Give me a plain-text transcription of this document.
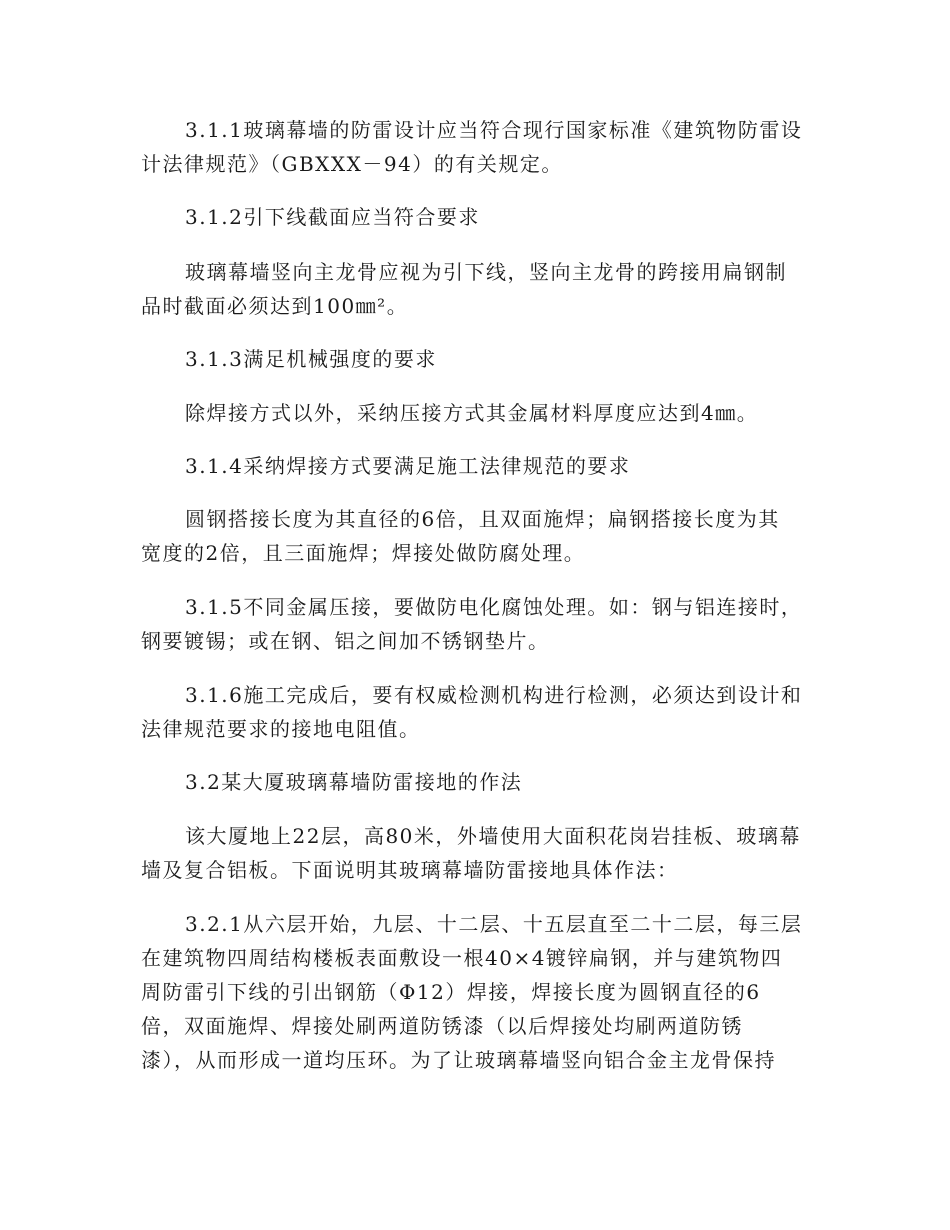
3.1.1玻璃幕墙的防雷设计应当符合现行国家标准《建筑物防雷设
计法律规范》（GBXXX－94）的有关规定。
3.1.2引下线截面应当符合要求
玻璃幕墙竖向主龙骨应视为引下线，竖向主龙骨的跨接用扁钢制
品时截面必须达到100㎜²。
3.1.3满足机械强度的要求
除焊接方式以外，采纳压接方式其金属材料厚度应达到4㎜。
3.1.4采纳焊接方式要满足施工法律规范的要求
圆钢搭接长度为其直径的6倍，且双面施焊；扁钢搭接长度为其
宽度的2倍，且三面施焊；焊接处做防腐处理。
3.1.5不同金属压接，要做防电化腐蚀处理。如：钢与铝连接时，
钢要镀锡；或在钢、铝之间加不锈钢垫片。
3.1.6施工完成后，要有权威检测机构进行检测，必须达到设计和
法律规范要求的接地电阻值。
3.2某大厦玻璃幕墙防雷接地的作法
该大厦地上22层，高80米，外墙使用大面积花岗岩挂板、玻璃幕
墙及复合铝板。下面说明其玻璃幕墙防雷接地具体作法：
3.2.1从六层开始，九层、十二层、十五层直至二十二层，每三层
在建筑物四周结构楼板表面敷设一根40×4镀锌扁钢，并与建筑物四
周防雷引下线的引出钢筋（Φ12）焊接，焊接长度为圆钢直径的6
倍，双面施焊、焊接处刷两道防锈漆（以后焊接处均刷两道防锈
漆），从而形成一道均压环。为了让玻璃幕墙竖向铝合金主龙骨保持
